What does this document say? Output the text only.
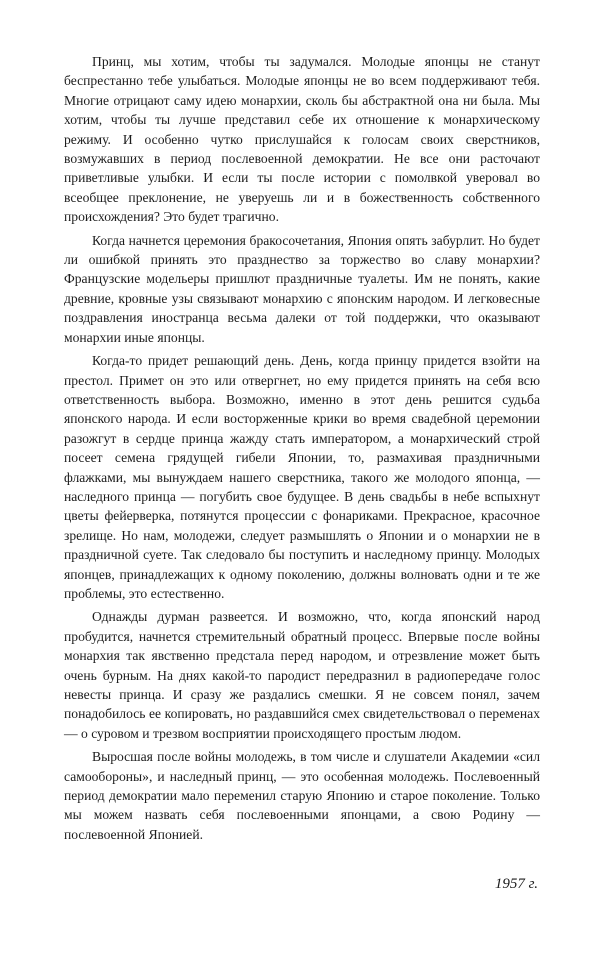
Принц, мы хотим, чтобы ты задумался. Молодые японцы не станут беспрестанно тебе улыбаться. Молодые японцы не во всем поддерживают тебя. Многие отрицают саму идею монархии, сколь бы абстрактной она ни была. Мы хотим, чтобы ты лучше представил себе их отношение к монархическому режиму. И особенно чутко прислушайся к голосам своих сверстников, возмужавших в период послевоенной демократии. Не все они расточают приветливые улыбки. И если ты после истории с помолвкой уверовал во всеобщее преклонение, не уверуешь ли и в божественность собственного происхождения? Это будет трагично.

Когда начнется церемония бракосочетания, Япония опять забурлит. Но будет ли ошибкой принять это празднество за торжество во славу монархии? Французские модельеры пришлют праздничные туалеты. Им не понять, какие древние, кровные узы связывают монархию с японским народом. И легковесные поздравления иностранца весьма далеки от той поддержки, что оказывают монархии иные японцы.

Когда-то придет решающий день. День, когда принцу придется взойти на престол. Примет он это или отвергнет, но ему придется принять на себя всю ответственность выбора. Возможно, именно в этот день решится судьба японского народа. И если восторженные крики во время свадебной церемонии разожгут в сердце принца жажду стать императором, а монархический строй посеет семена грядущей гибели Японии, то, размахивая праздничными флажками, мы вынуждаем нашего сверстника, такого же молодого японца, — наследного принца — погубить свое будущее. В день свадьбы в небе вспыхнут цветы фейерверка, потянутся процессии с фонариками. Прекрасное, красочное зрелище. Но нам, молодежи, следует размышлять о Японии и о монархии не в праздничной суете. Так следовало бы поступить и наследному принцу. Молодых японцев, принадлежащих к одному поколению, должны волновать одни и те же проблемы, это естественно.

Однажды дурман развеется. И возможно, что, когда японский народ пробудится, начнется стремительный обратный процесс. Впервые после войны монархия так явственно предстала перед народом, и отрезвление может быть очень бурным. На днях какой-то пародист передразнил в радиопередаче голос невесты принца. И сразу же раздались смешки. Я не совсем понял, зачем понадобилось ее копировать, но раздавшийся смех свидетельствовал о переменах — о суровом и трезвом восприятии происходящего простым людом.

Выросшая после войны молодежь, в том числе и слушатели Академии «сил самообороны», и наследный принц, — это особенная молодежь. Послевоенный период демократии мало переменил старую Японию и старое поколение. Только мы можем назвать себя послевоенными японцами, а свою Родину — послевоенной Японией.

1957 г.
